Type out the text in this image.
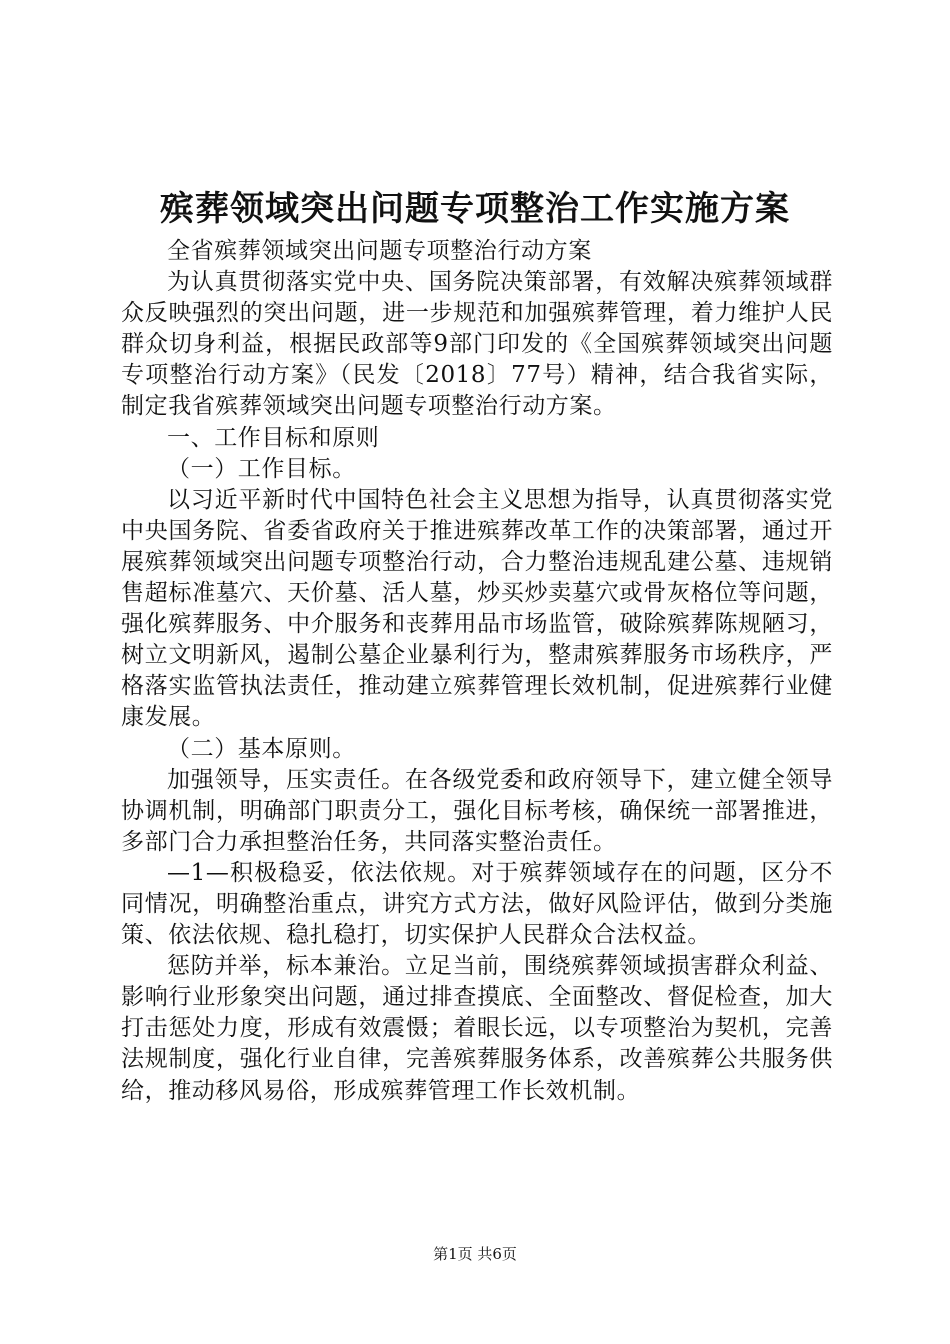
殡葬领域突出问题专项整治工作实施方案

全省殡葬领域突出问题专项整治行动方案

为认真贯彻落实党中央、国务院决策部署，有效解决殡葬领域群众反映强烈的突出问题，进一步规范和加强殡葬管理，着力维护人民群众切身利益，根据民政部等9部门印发的《全国殡葬领域突出问题专项整治行动方案》（民发〔2018〕77号）精神，结合我省实际，制定我省殡葬领域突出问题专项整治行动方案。

一、工作目标和原则

（一）工作目标。

以习近平新时代中国特色社会主义思想为指导，认真贯彻落实党中央国务院、省委省政府关于推进殡葬改革工作的决策部署，通过开展殡葬领域突出问题专项整治行动，合力整治违规乱建公墓、违规销售超标准墓穴、天价墓、活人墓，炒买炒卖墓穴或骨灰格位等问题，强化殡葬服务、中介服务和丧葬用品市场监管，破除殡葬陈规陋习，树立文明新风，遏制公墓企业暴利行为，整肃殡葬服务市场秩序，严格落实监管执法责任，推动建立殡葬管理长效机制，促进殡葬行业健康发展。

（二）基本原则。

加强领导，压实责任。在各级党委和政府领导下，建立健全领导协调机制，明确部门职责分工，强化目标考核，确保统一部署推进，多部门合力承担整治任务，共同落实整治责任。

—1—积极稳妥，依法依规。对于殡葬领域存在的问题，区分不同情况，明确整治重点，讲究方式方法，做好风险评估，做到分类施策、依法依规、稳扎稳打，切实保护人民群众合法权益。

惩防并举，标本兼治。立足当前，围绕殡葬领域损害群众利益、影响行业形象突出问题，通过排查摸底、全面整改、督促检查，加大打击惩处力度，形成有效震慑；着眼长远，以专项整治为契机，完善法规制度，强化行业自律，完善殡葬服务体系，改善殡葬公共服务供给，推动移风易俗，形成殡葬管理工作长效机制。

第1页 共6页
